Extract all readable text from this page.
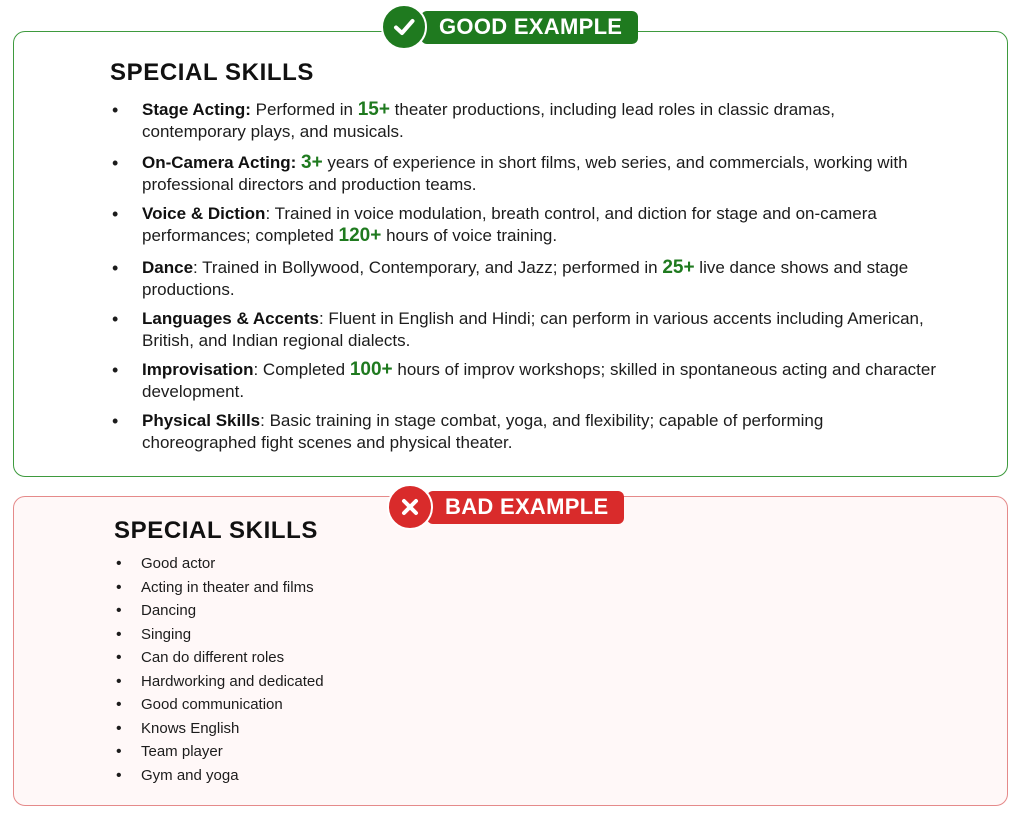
GOOD EXAMPLE
SPECIAL SKILLS
• Stage Acting: Performed in 15+ theater productions, including lead roles in classic dramas, contemporary plays, and musicals.
• On-Camera Acting: 3+ years of experience in short films, web series, and commercials, working with professional directors and production teams.
• Voice & Diction: Trained in voice modulation, breath control, and diction for stage and on-camera performances; completed 120+ hours of voice training.
• Dance: Trained in Bollywood, Contemporary, and Jazz; performed in 25+ live dance shows and stage productions.
• Languages & Accents: Fluent in English and Hindi; can perform in various accents including American, British, and Indian regional dialects.
• Improvisation: Completed 100+ hours of improv workshops; skilled in spontaneous acting and character development.
• Physical Skills: Basic training in stage combat, yoga, and flexibility; capable of performing choreographed fight scenes and physical theater.
BAD EXAMPLE
SPECIAL SKILLS
• Good actor
• Acting in theater and films
• Dancing
• Singing
• Can do different roles
• Hardworking and dedicated
• Good communication
• Knows English
• Team player
• Gym and yoga
